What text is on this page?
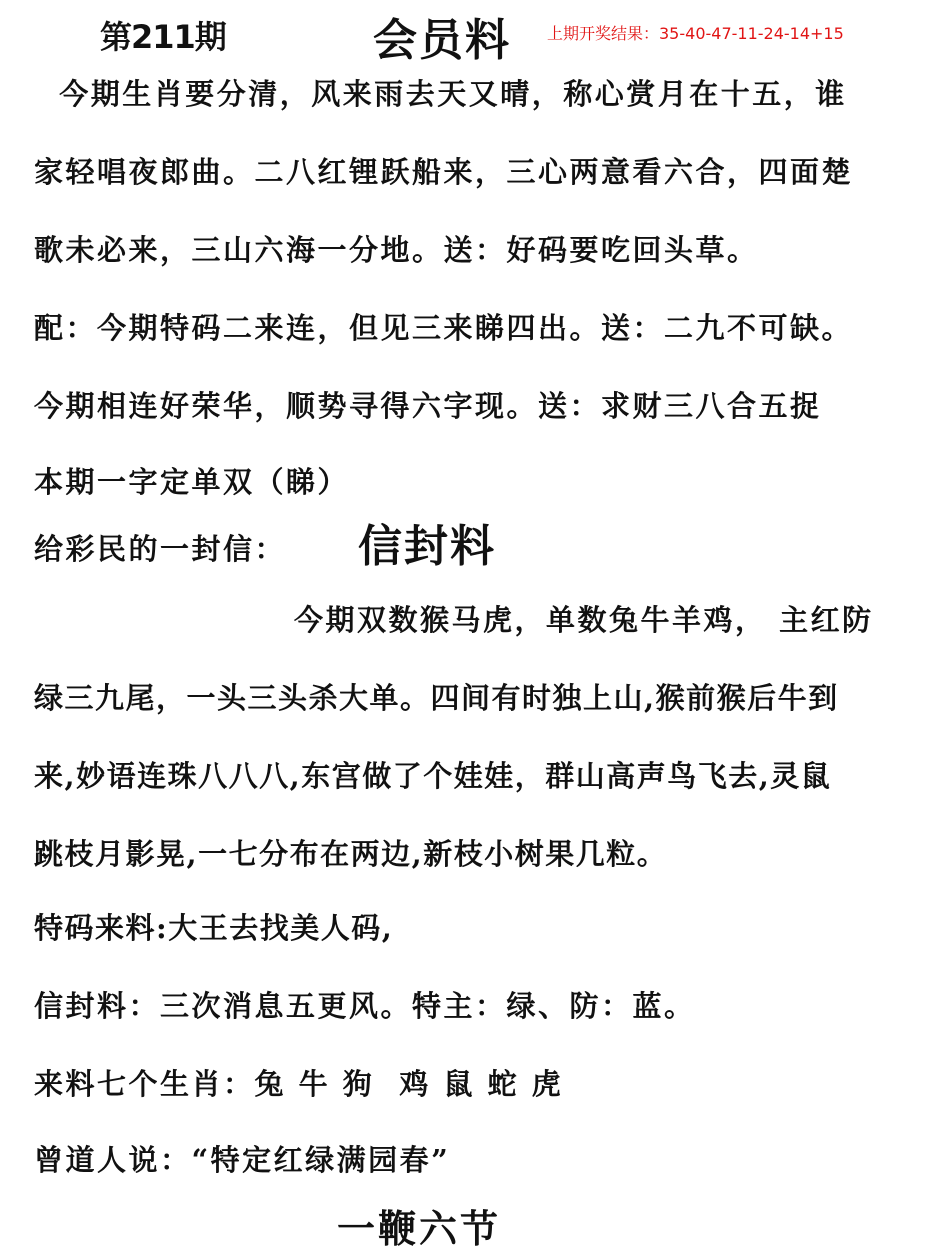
第211期	会员料 上期开奖结果：35-40-47-11-24-14+15
今期生肖要分清，风来雨去天又晴，称心赏月在十五，谁
家轻唱夜郎曲。二八红锂跃船来，三心两意看六合，四面楚
歌未必来，三山六海一分地。送：好码要吃回头草。
配：今期特码二来连，但见三来睇四出。送：二九不可缺。
今期相连好荣华，顺势寻得六字现。送：求财三八合五捉
本期一字定单双（睇）
给彩民的一封信： 信封料
今期双数猴马虎，单数兔牛羊鸡， 主红防
绿三九尾，一头三头杀大单。四间有时独上山,猴前猴后牛到
来,妙语连珠八八八,东宫做了个娃娃，群山高声鸟飞去,灵鼠
跳枝月影晃,一七分布在两边,新枝小树果几粒。
特码来料:大王去找美人码,
信封料：三次消息五更风。特主：绿、防：蓝。
来料七个生肖：兔 牛 狗  鸡 鼠 蛇 虎
曾道人说：“特定红绿满园春”
一鞭六节
